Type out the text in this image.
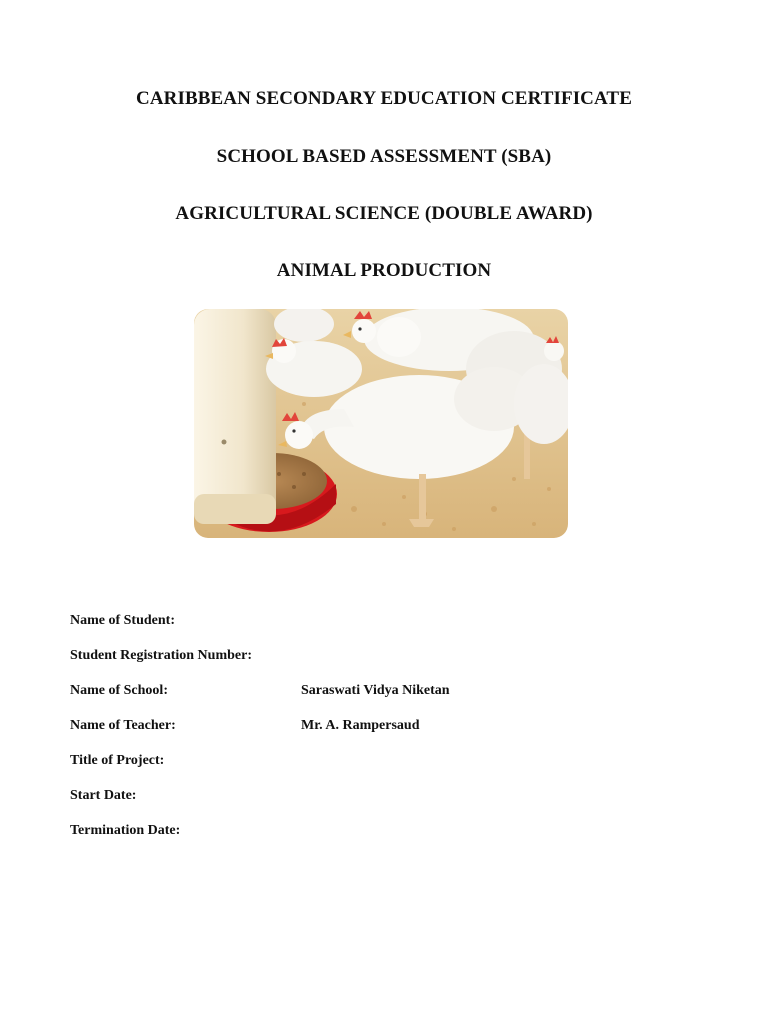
CARIBBEAN SECONDARY EDUCATION CERTIFICATE
SCHOOL BASED ASSESSMENT (SBA)
AGRICULTURAL SCIENCE (DOUBLE AWARD)
ANIMAL PRODUCTION
Name of Student:
Student Registration Number:
Name of School:	Saraswati Vidya Niketan
Name of Teacher:	Mr. A. Rampersaud
Title of Project:
Start Date:
Termination Date:
